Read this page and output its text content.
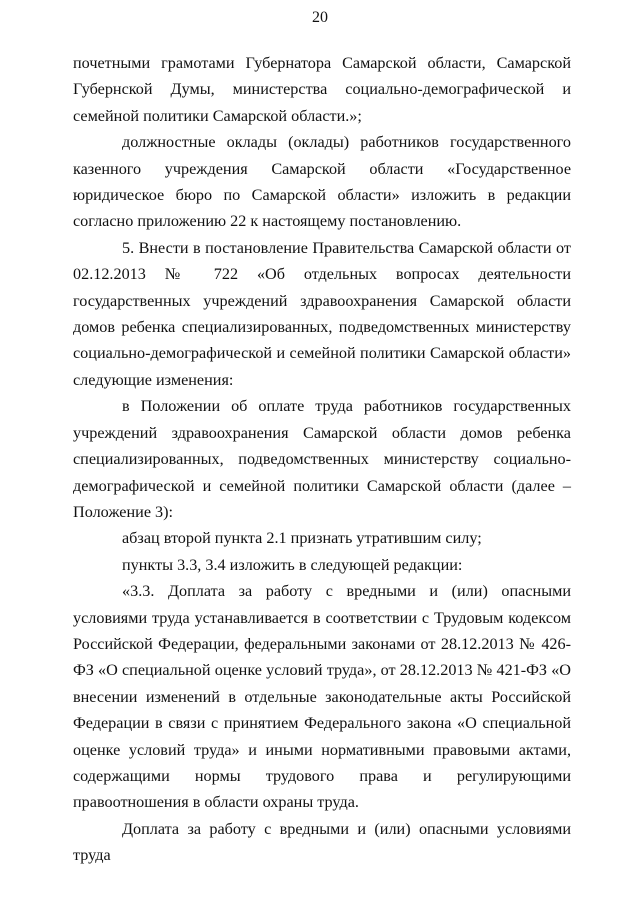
20

почетными грамотами Губернатора Самарской области, Самарской Губернской Думы, министерства социально-демографической и семейной политики Самарской области.»;

должностные оклады (оклады) работников государственного казенного учреждения Самарской области «Государственное юридическое бюро по Самарской области» изложить в редакции согласно приложению 22 к настоящему постановлению.

5. Внести в постановление Правительства Самарской области от 02.12.2013 № 722 «Об отдельных вопросах деятельности государственных учреждений здравоохранения Самарской области домов ребенка специализированных, подведомственных министерству социально-демографической и семейной политики Самарской области» следующие изменения:

в Положении об оплате труда работников государственных учреждений здравоохранения Самарской области домов ребенка специализированных, подведомственных министерству социально-демографической и семейной политики Самарской области (далее – Положение 3):

абзац второй пункта 2.1 признать утратившим силу;

пункты 3.3, 3.4 изложить в следующей редакции:

«3.3. Доплата за работу с вредными и (или) опасными условиями труда устанавливается в соответствии с Трудовым кодексом Российской Федерации, федеральными законами от 28.12.2013 № 426-ФЗ «О специальной оценке условий труда», от 28.12.2013 № 421-ФЗ «О внесении изменений в отдельные законодательные акты Российской Федерации в связи с принятием Федерального закона «О специальной оценке условий труда» и иными нормативными правовыми актами, содержащими нормы трудового права и регулирующими правоотношения в области охраны труда.

Доплата за работу с вредными и (или) опасными условиями труда
